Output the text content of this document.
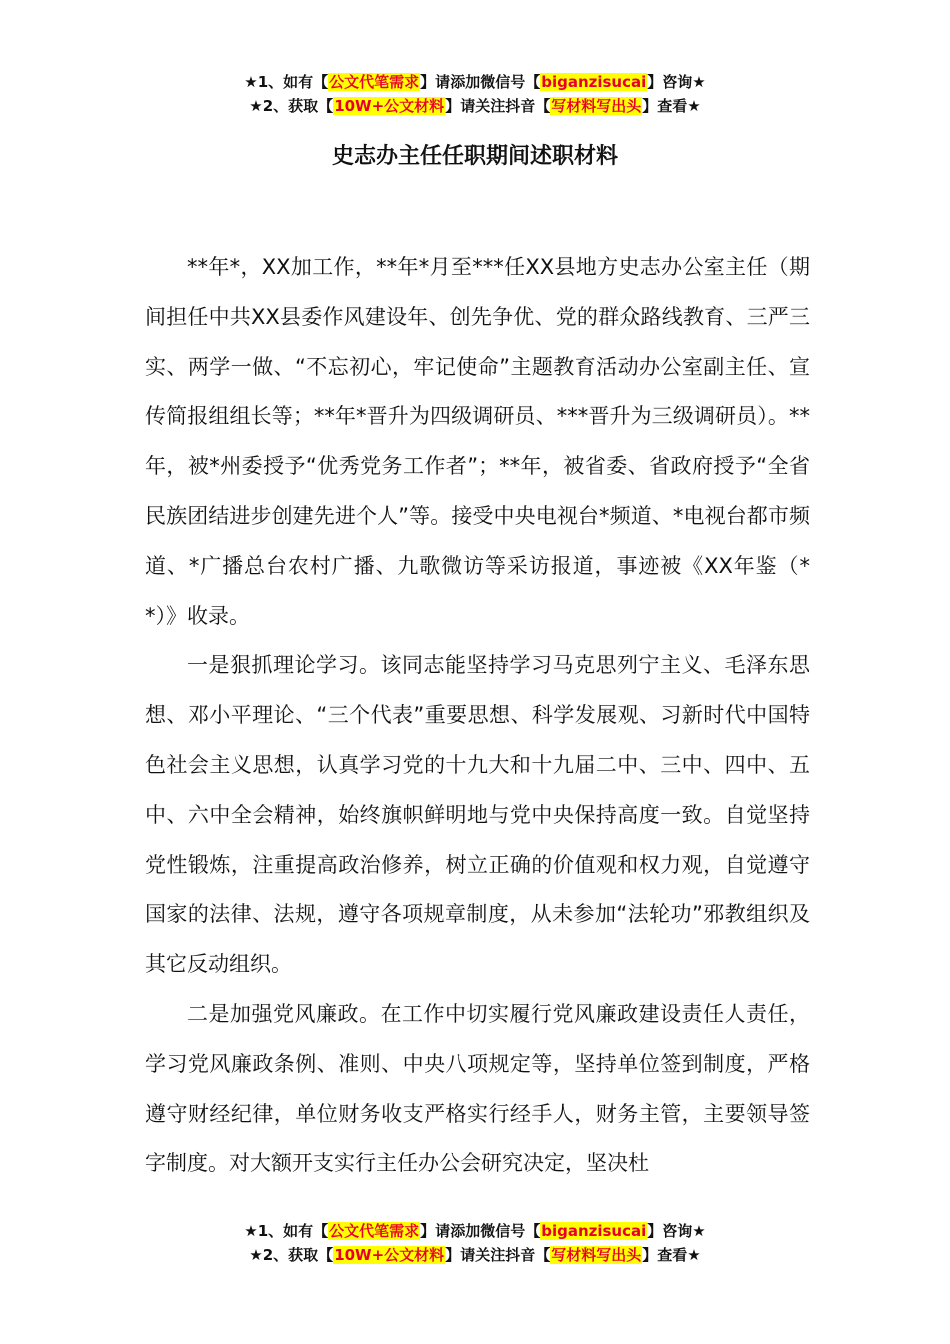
★1、如有【公文代笔需求】请添加微信号【biganzisucai】咨询★
★2、获取【10W+公文材料】请关注抖音【写材料写出头】查看★
史志办主任任职期间述职材料

**年*，XX加工作，**年*月至***任XX县地方史志办公室主任（期间担任中共XX县委作风建设年、创先争优、党的群众路线教育、三严三实、两学一做、“不忘初心，牢记使命”主题教育活动办公室副主任、宣传简报组组长等；**年*晋升为四级调研员、***晋升为三级调研员）。**年，被*州委授予“优秀党务工作者”；**年，被省委、省政府授予“全省民族团结进步创建先进个人”等。接受中央电视台*频道、*电视台都市频道、*广播总台农村广播、九歌微访等采访报道，事迹被《XX年鉴（**）》收录。

一是狠抓理论学习。该同志能坚持学习马克思列宁主义、毛泽东思想、邓小平理论、“三个代表”重要思想、科学发展观、习新时代中国特色社会主义思想，认真学习党的十九大和十九届二中、三中、四中、五中、六中全会精神，始终旗帜鲜明地与党中央保持高度一致。自觉坚持党性锻炼，注重提高政治修养，树立正确的价值观和权力观，自觉遵守国家的法律、法规，遵守各项规章制度，从未参加“法轮功”邪教组织及其它反动组织。

二是加强党风廉政。在工作中切实履行党风廉政建设责任人责任，学习党风廉政条例、准则、中央八项规定等，坚持单位签到制度，严格遵守财经纪律，单位财务收支严格实行经手人，财务主管，主要领导签字制度。对大额开支实行主任办公会研究决定，坚决杜

★1、如有【公文代笔需求】请添加微信号【biganzisucai】咨询★
★2、获取【10W+公文材料】请关注抖音【写材料写出头】查看★
